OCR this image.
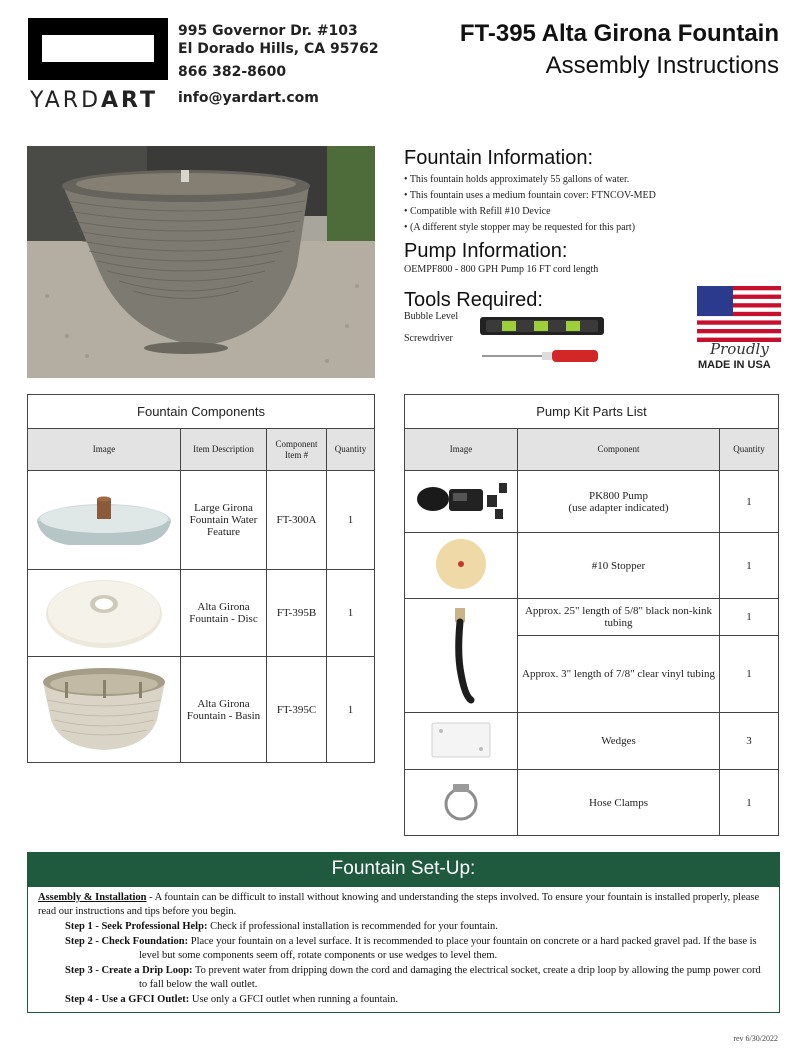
YARDART
995 Governor Dr. #103
El Dorado Hills, CA 95762
866 382-8600
info@yardart.com
FT-395 Alta Girona Fountain
Assembly Instructions
Fountain Information:
• This fountain holds approximately 55 gallons of water.
• This fountain uses a medium fountain cover: FTNCOV-MED
• Compatible with Refill #10 Device
• (A different style stopper may be requested for this part)
Pump Information:
OEMPF800 - 800 GPH Pump 16 FT cord length
Tools Required:
Bubble Level
Screwdriver
Proudly
MADE IN USA
Fountain Components			
Image	Item Description	Component Item #	Quantity
	Large Girona Fountain Water Feature	FT-300A	1
	Alta Girona Fountain - Disc	FT-395B	1
	Alta Girona Fountain - Basin	FT-395C	1
Pump Kit Parts List		
Image	Component	Quantity
	PK800 Pump
(use adapter indicated)	1
	#10 Stopper	1
	Approx. 25" length of 5/8" black non-kink tubing	1
	Approx. 3" length of 7/8" clear vinyl tubing	1
	Wedges	3
	Hose Clamps	1
Fountain Set-Up:
Assembly & Installation - A fountain can be difficult to install without knowing and understanding the steps involved. To ensure your fountain is installed properly, please read our instructions and tips before you begin.
Step 1 - Seek Professional Help: Check if professional installation is recommended for your fountain.
Step 2 - Check Foundation: Place your fountain on a level surface. It is recommended to place your fountain on concrete or a hard packed gravel pad. If the base is level but some components seem off, rotate components or use wedges to level them.
Step 3 - Create a Drip Loop: To prevent water from dripping down the cord and damaging the electrical socket, create a drip loop by allowing the pump power cord to fall below the wall outlet.
Step 4 - Use a GFCI Outlet: Use only a GFCI outlet when running a fountain.
rev 6/30/2022
